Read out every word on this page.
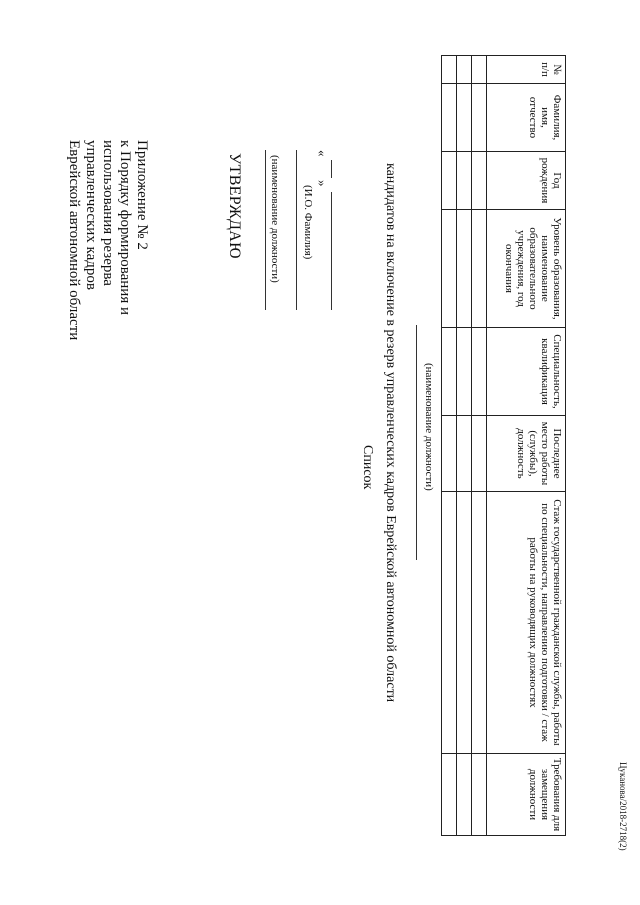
Приложение № 2
к Порядку формирования и
использования резерва
управленческих кадров
Еврейской автономной области	УТВЕРЖДАЮ (наименование должности) (И.О. Фамилия)
«
»
Список кандидатов на включение в резерв управленческих кадров Еврейской автономной области (наименование должности)
№ п/п	Фамилия, имя, отчество	Год рождения	Уровень образования, наименование образовательного учреждения, год окончания	Специальность, квалификация	Последнее место работы (службы), должность	Стаж государственной гражданской службы, работы по специальности, направлению подготовки / стаж работы на руководящих должностях	Требования для замещения должности

								Цуканова/2018-2718(2)
